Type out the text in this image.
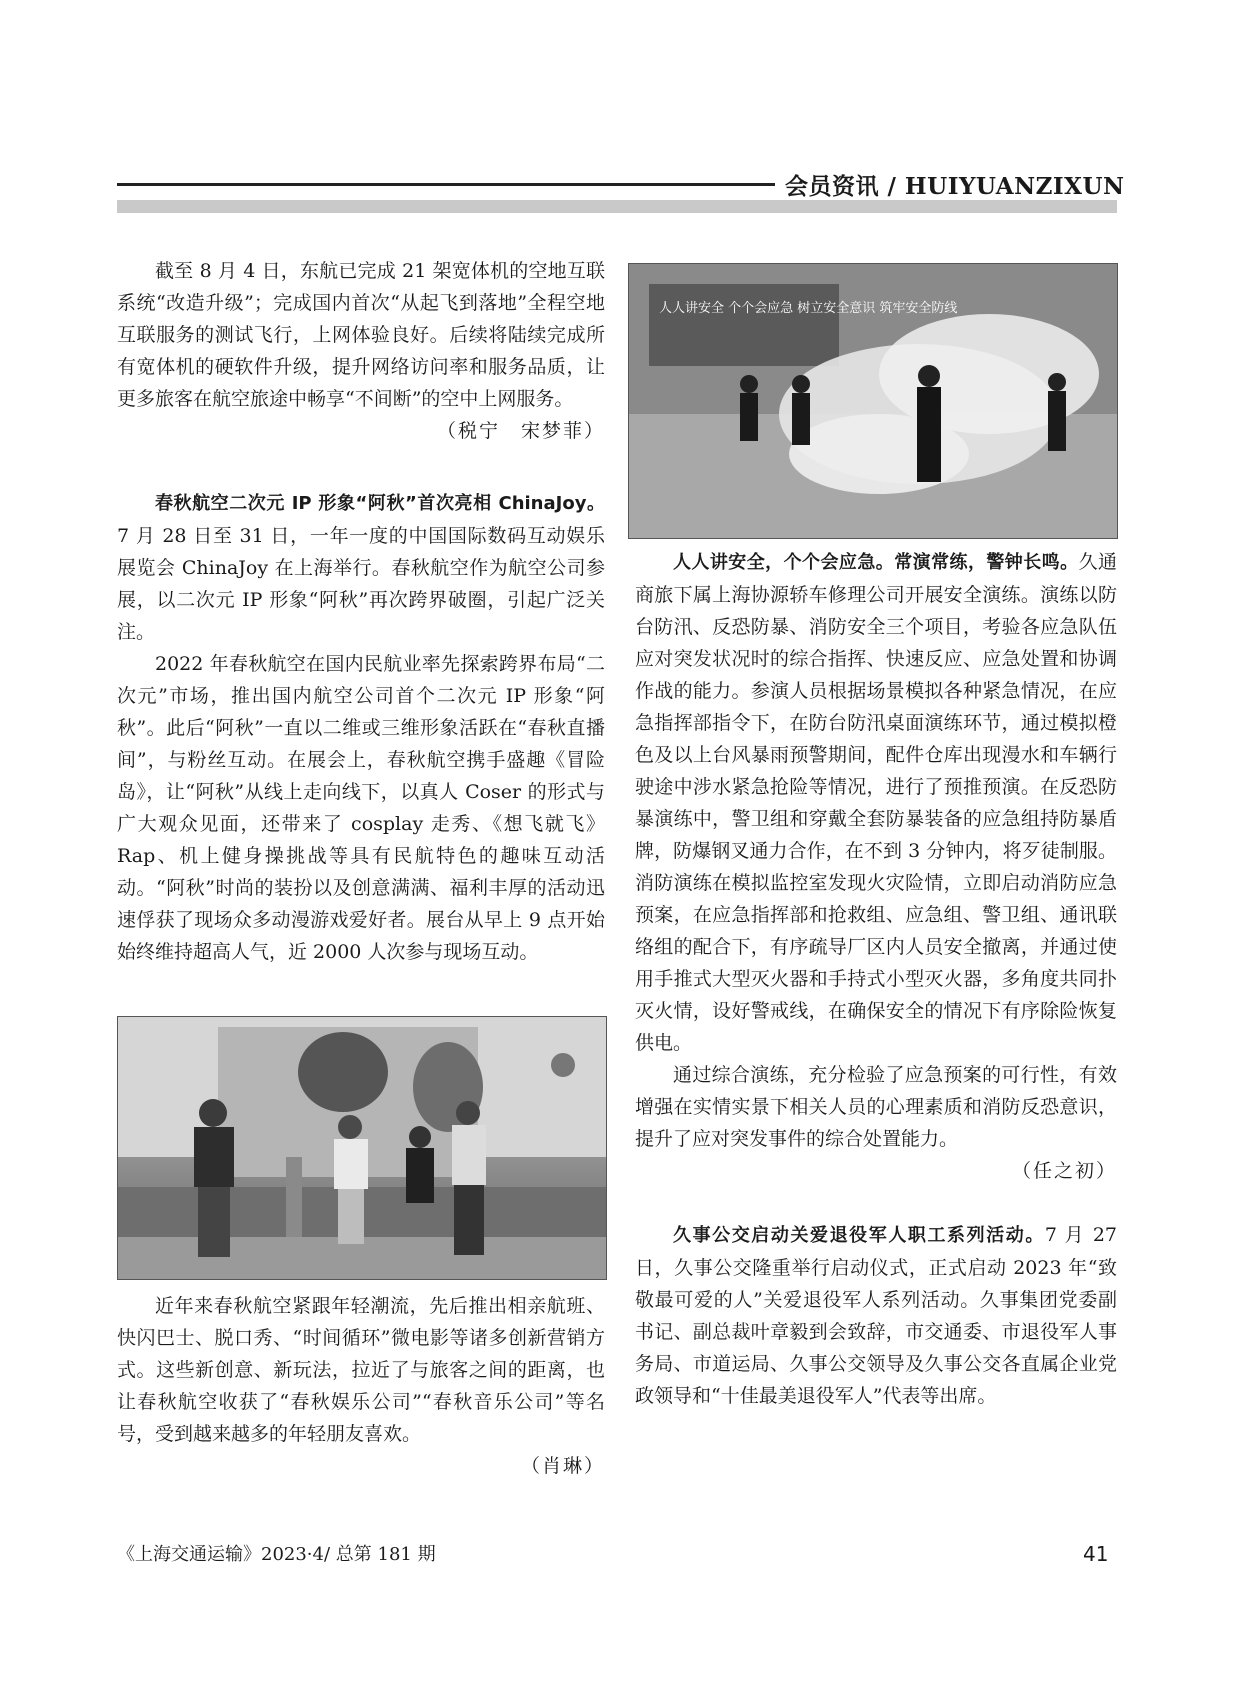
会员资讯 / HUIYUANZIXUN

截至 8 月 4 日，东航已完成 21 架宽体机的空地互联系统“改造升级”；完成国内首次“从起飞到落地”全程空地互联服务的测试飞行，上网体验良好。后续将陆续完成所有宽体机的硬软件升级，提升网络访问率和服务品质，让更多旅客在航空旅途中畅享“不间断”的空中上网服务。

（税宁　宋梦菲）

春秋航空二次元 IP 形象“阿秋”首次亮相 ChinaJoy。7 月 28 日至 31 日，一年一度的中国国际数码互动娱乐展览会 ChinaJoy 在上海举行。春秋航空作为航空公司参展，以二次元 IP 形象“阿秋”再次跨界破圈，引起广泛关注。

2022 年春秋航空在国内民航业率先探索跨界布局“二次元”市场，推出国内航空公司首个二次元 IP 形象“阿秋”。此后“阿秋”一直以二维或三维形象活跃在“春秋直播间”，与粉丝互动。在展会上，春秋航空携手盛趣《冒险岛》，让“阿秋”从线上走向线下，以真人 Coser 的形式与广大观众见面，还带来了 cosplay 走秀、《想飞就飞》Rap、机上健身操挑战等具有民航特色的趣味互动活动。“阿秋”时尚的装扮以及创意满满、福利丰厚的活动迅速俘获了现场众多动漫游戏爱好者。展台从早上 9 点开始始终维持超高人气，近 2000 人次参与现场互动。

近年来春秋航空紧跟年轻潮流，先后推出相亲航班、快闪巴士、脱口秀、“时间循环”微电影等诸多创新营销方式。这些新创意、新玩法，拉近了与旅客之间的距离，也让春秋航空收获了“春秋娱乐公司”“春秋音乐公司”等名号，受到越来越多的年轻朋友喜欢。

（肖琳）

人人讲安全 个个会应急 树立安全意识 筑牢安全防线

人人讲安全，个个会应急。常演常练，警钟长鸣。久通商旅下属上海协源轿车修理公司开展安全演练。演练以防台防汛、反恐防暴、消防安全三个项目，考验各应急队伍应对突发状况时的综合指挥、快速反应、应急处置和协调作战的能力。参演人员根据场景模拟各种紧急情况，在应急指挥部指令下，在防台防汛桌面演练环节，通过模拟橙色及以上台风暴雨预警期间，配件仓库出现漫水和车辆行驶途中涉水紧急抢险等情况，进行了预推预演。在反恐防暴演练中，警卫组和穿戴全套防暴装备的应急组持防暴盾牌，防爆钢叉通力合作，在不到 3 分钟内，将歹徒制服。消防演练在模拟监控室发现火灾险情，立即启动消防应急预案，在应急指挥部和抢救组、应急组、警卫组、通讯联络组的配合下，有序疏导厂区内人员安全撤离，并通过使用手推式大型灭火器和手持式小型灭火器，多角度共同扑灭火情，设好警戒线，在确保安全的情况下有序除险恢复供电。

通过综合演练，充分检验了应急预案的可行性，有效增强在实情实景下相关人员的心理素质和消防反恐意识，提升了应对突发事件的综合处置能力。

（任之初）

久事公交启动关爱退役军人职工系列活动。7 月 27 日，久事公交隆重举行启动仪式，正式启动 2023 年“致敬最可爱的人”关爱退役军人系列活动。久事集团党委副书记、副总裁叶章毅到会致辞，市交通委、市退役军人事务局、市道运局、久事公交领导及久事公交各直属企业党政领导和“十佳最美退役军人”代表等出席。

《上海交通运输》2023·4/ 总第 181 期	41
